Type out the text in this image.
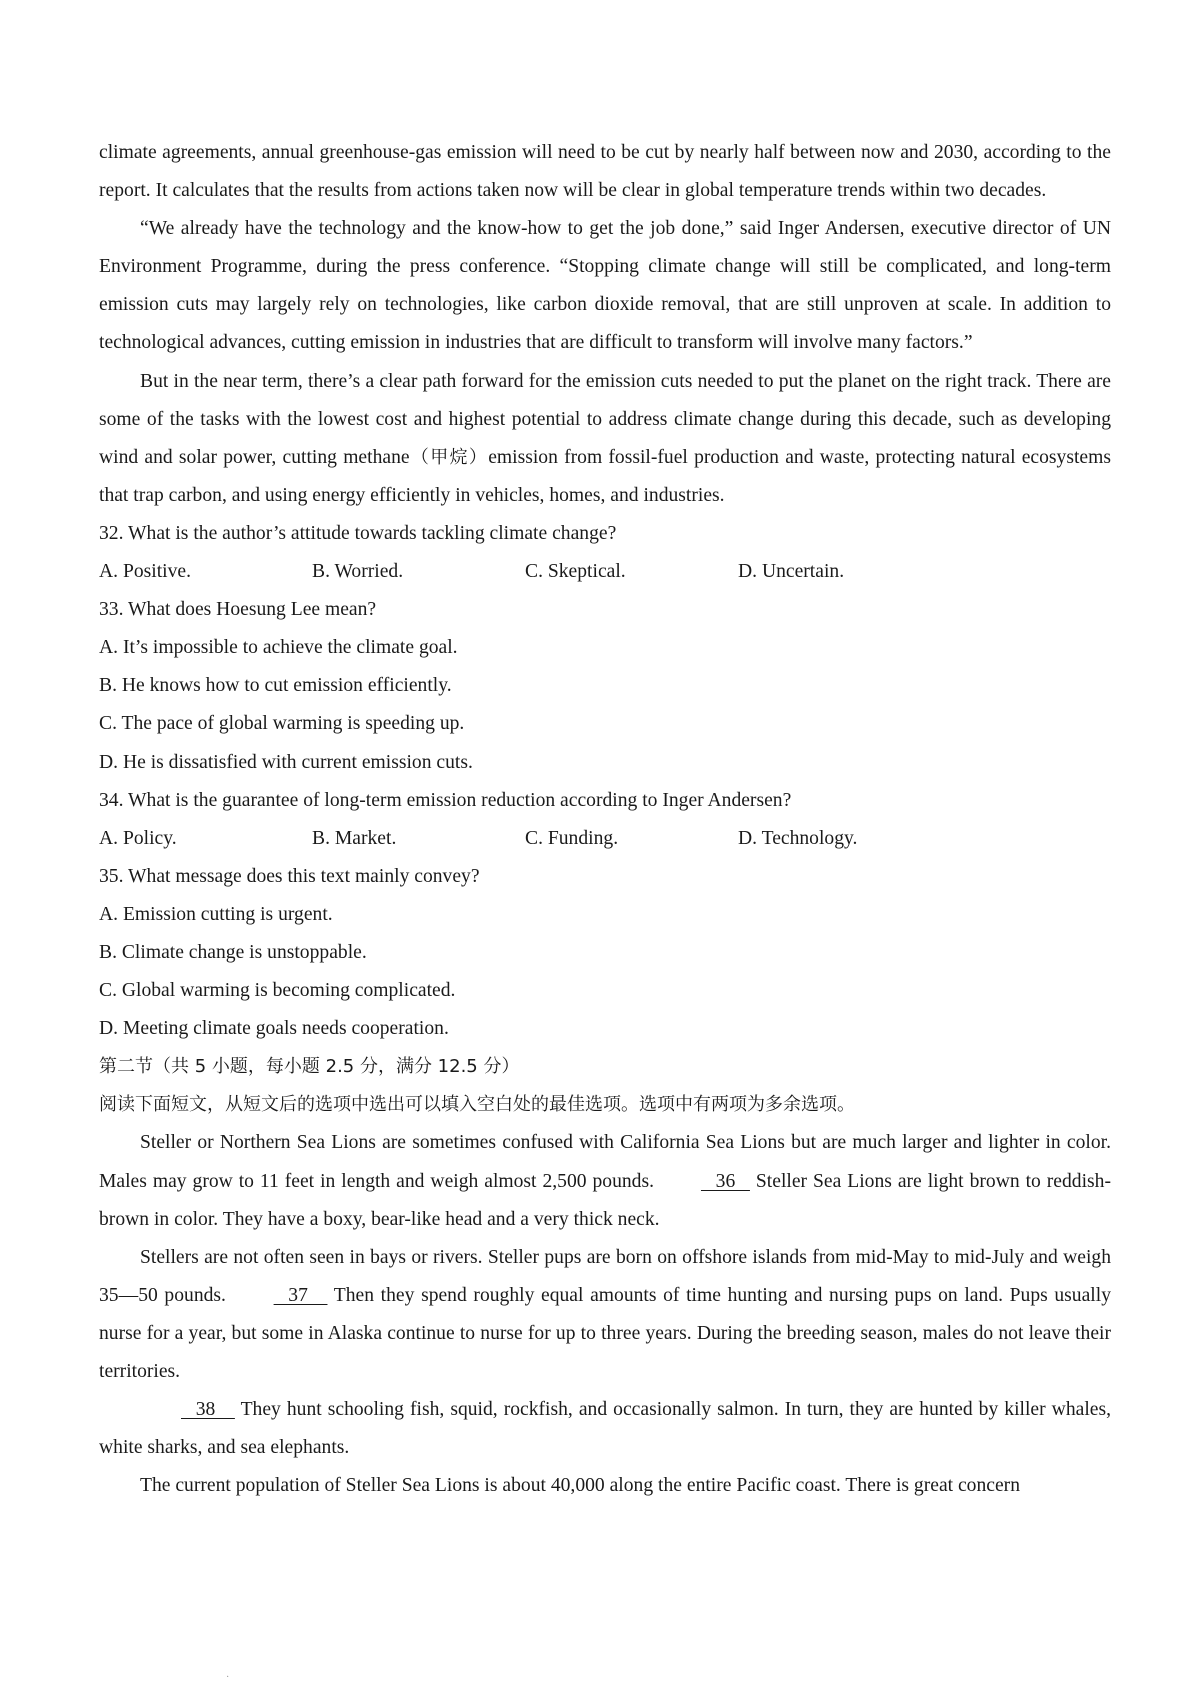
climate agreements, annual greenhouse-gas emission will need to be cut by nearly half between now and 2030, according to the report. It calculates that the results from actions taken now will be clear in global temperature trends within two decades.

“We already have the technology and the know-how to get the job done,” said Inger Andersen, executive director of UN Environment Programme, during the press conference. “Stopping climate change will still be complicated, and long-term emission cuts may largely rely on technologies, like carbon dioxide removal, that are still unproven at scale. In addition to technological advances, cutting emission in industries that are difficult to transform will involve many factors.”

But in the near term, there’s a clear path forward for the emission cuts needed to put the planet on the right track. There are some of the tasks with the lowest cost and highest potential to address climate change during this decade, such as developing wind and solar power, cutting methane（甲烷）emission from fossil-fuel production and waste, protecting natural ecosystems that trap carbon, and using energy efficiently in vehicles, homes, and industries.

32. What is the author’s attitude towards tackling climate change?

A. Positive.	B. Worried.	C. Skeptical.	D. Uncertain.

33. What does Hoesung Lee mean?

A. It’s impossible to achieve the climate goal.

B. He knows how to cut emission efficiently.

C. The pace of global warming is speeding up.

D. He is dissatisfied with current emission cuts.

34. What is the guarantee of long-term emission reduction according to Inger Andersen?

A. Policy.	B. Market.	C. Funding.	D. Technology.

35. What message does this text mainly convey?

A. Emission cutting is urgent.

B. Climate change is unstoppable.

C. Global warming is becoming complicated.

D. Meeting climate goals needs cooperation.

第二节（共 5 小题，每小题 2.5 分，满分 12.5 分）

阅读下面短文，从短文后的选项中选出可以填入空白处的最佳选项。选项中有两项为多余选项。

Steller or Northern Sea Lions are sometimes confused with California Sea Lions but are much larger and lighter in color. Males may grow to 11 feet in length and weigh almost 2,500 pounds.    36    Steller Sea Lions are light brown to reddish-brown in color. They have a boxy, bear-like head and a very thick neck.

Stellers are not often seen in bays or rivers. Steller pups are born on offshore islands from mid-May to mid-July and weigh 35—50 pounds.    37     Then they spend roughly equal amounts of time hunting and nursing pups on land. Pups usually nurse for a year, but some in Alaska continue to nurse for up to three years. During the breeding season, males do not leave their territories.

38     They hunt schooling fish, squid, rockfish, and occasionally salmon. In turn, they are hunted by killer whales, white sharks, and sea elephants.

The current population of Steller Sea Lions is about 40,000 along the entire Pacific coast. There is great concern

·
